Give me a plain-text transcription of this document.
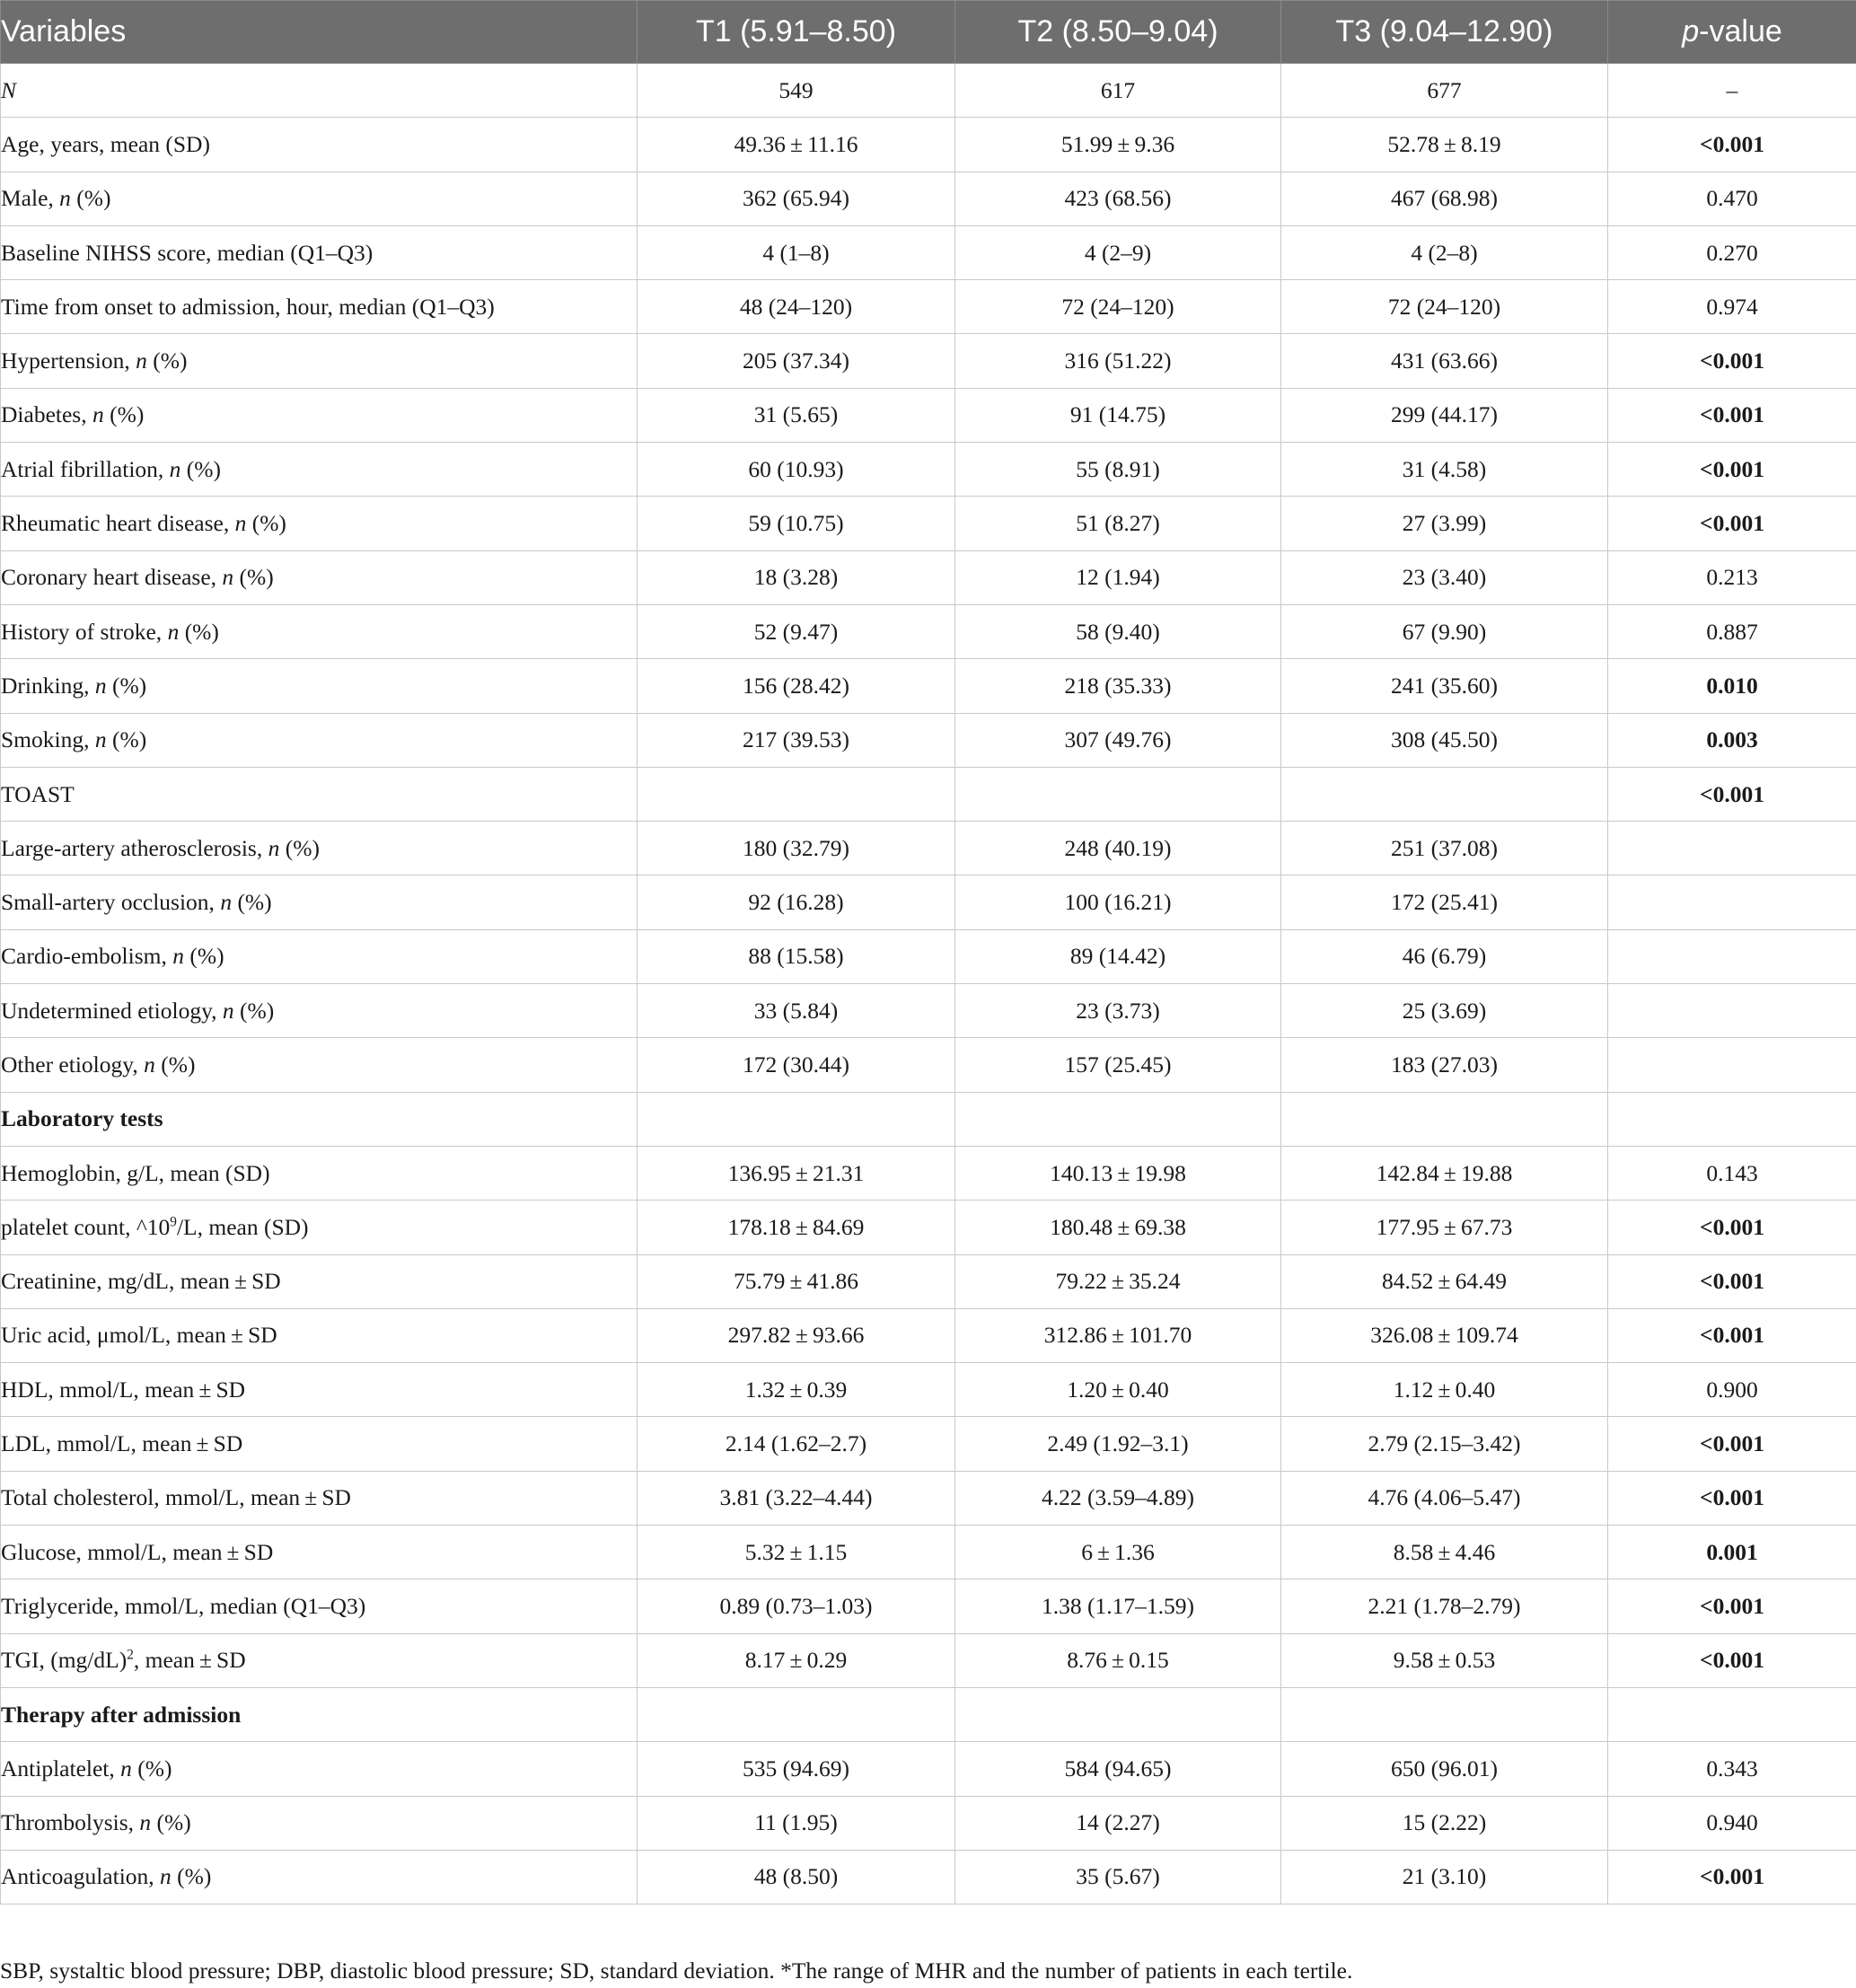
Variables	T1 (5.91–8.50)	T2 (8.50–9.04)	T3 (9.04–12.90)	p-value
N	549	617	677	–
Age, years, mean (SD)	49.36 ± 11.16	51.99 ± 9.36	52.78 ± 8.19	<0.001
Male, n (%)	362 (65.94)	423 (68.56)	467 (68.98)	0.470
Baseline NIHSS score, median (Q1–Q3)	4 (1–8)	4 (2–9)	4 (2–8)	0.270
Time from onset to admission, hour, median (Q1–Q3)	48 (24–120)	72 (24–120)	72 (24–120)	0.974
Hypertension, n (%)	205 (37.34)	316 (51.22)	431 (63.66)	<0.001
Diabetes, n (%)	31 (5.65)	91 (14.75)	299 (44.17)	<0.001
Atrial fibrillation, n (%)	60 (10.93)	55 (8.91)	31 (4.58)	<0.001
Rheumatic heart disease, n (%)	59 (10.75)	51 (8.27)	27 (3.99)	<0.001
Coronary heart disease, n (%)	18 (3.28)	12 (1.94)	23 (3.40)	0.213
History of stroke, n (%)	52 (9.47)	58 (9.40)	67 (9.90)	0.887
Drinking, n (%)	156 (28.42)	218 (35.33)	241 (35.60)	0.010
Smoking, n (%)	217 (39.53)	307 (49.76)	308 (45.50)	0.003
TOAST				<0.001
Large-artery atherosclerosis, n (%)	180 (32.79)	248 (40.19)	251 (37.08)	
Small-artery occlusion, n (%)	92 (16.28)	100 (16.21)	172 (25.41)	
Cardio-embolism, n (%)	88 (15.58)	89 (14.42)	46 (6.79)	
Undetermined etiology, n (%)	33 (5.84)	23 (3.73)	25 (3.69)	
Other etiology, n (%)	172 (30.44)	157 (25.45)	183 (27.03)	
Laboratory tests				
Hemoglobin, g/L, mean (SD)	136.95 ± 21.31	140.13 ± 19.98	142.84 ± 19.88	0.143
platelet count, $\^{}10^9/L$, mean (SD)	178.18 ± 84.69	180.48 ± 69.38	177.95 ± 67.73	<0.001
Creatinine, mg/dL, mean ± SD	75.79 ± 41.86	79.22 ± 35.24	84.52 ± 64.49	<0.001
Uric acid, μmol/L, mean ± SD	297.82 ± 93.66	312.86 ± 101.70	326.08 ± 109.74	<0.001
HDL, mmol/L, mean ± SD	1.32 ± 0.39	1.20 ± 0.40	1.12 ± 0.40	0.900
LDL, mmol/L, mean ± SD	2.14 (1.62–2.7)	2.49 (1.92–3.1)	2.79 (2.15–3.42)	<0.001
Total cholesterol, mmol/L, mean ± SD	3.81 (3.22–4.44)	4.22 (3.59–4.89)	4.76 (4.06–5.47)	<0.001
Glucose, mmol/L, mean ± SD	5.32 ± 1.15	6 ± 1.36	8.58 ± 4.46	0.001
Triglyceride, mmol/L, median (Q1–Q3)	0.89 (0.73–1.03)	1.38 (1.17–1.59)	2.21 (1.78–2.79)	<0.001
TGI, $(mg/dL)^2$, mean ± SD	8.17 ± 0.29	8.76 ± 0.15	9.58 ± 0.53	<0.001
Therapy after admission				
Antiplatelet, n (%)	535 (94.69)	584 (94.65)	650 (96.01)	0.343
Thrombolysis, n (%)	11 (1.95)	14 (2.27)	15 (2.22)	0.940
Anticoagulation, n (%)	48 (8.50)	35 (5.67)	21 (3.10)	<0.001
SBP, systaltic blood pressure; DBP, diastolic blood pressure; SD, standard deviation. *The range of MHR and the number of patients in each tertile.
